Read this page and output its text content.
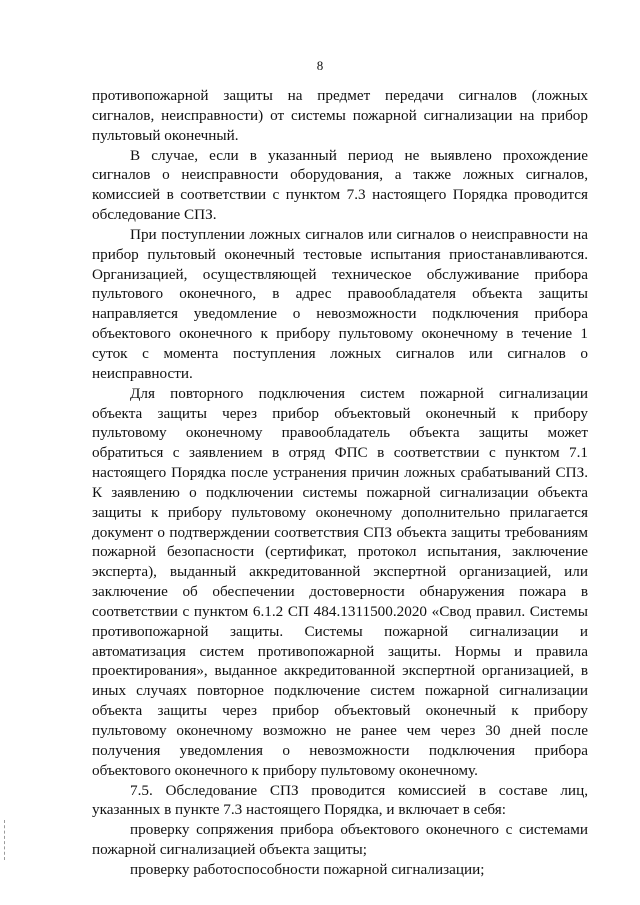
8
противопожарной защиты на предмет передачи сигналов (ложных
сигналов, неисправности) от системы пожарной сигнализации на прибор
пультовый оконечный.
В случае, если в указанный период не выявлено прохождение
сигналов о неисправности оборудования, а также ложных сигналов,
комиссией в соответствии с пунктом 7.3 настоящего Порядка проводится
обследование СПЗ.
При поступлении ложных сигналов или сигналов о неисправности на
прибор пультовый оконечный тестовые испытания приостанавливаются.
Организацией, осуществляющей техническое обслуживание прибора
пультового оконечного, в адрес правообладателя объекта защиты
направляется уведомление о невозможности подключения прибора
объектового оконечного к прибору пультовому оконечному в течение 1
суток с момента поступления ложных сигналов или сигналов о
неисправности.
Для повторного подключения систем пожарной сигнализации
объекта защиты через прибор объектовый оконечный к прибору
пультовому оконечному правообладатель объекта защиты может
обратиться с заявлением в отряд ФПС в соответствии с пунктом 7.1
настоящего Порядка после устранения причин ложных срабатываний СПЗ.
К заявлению о подключении системы пожарной сигнализации объекта
защиты к прибору пультовому оконечному дополнительно прилагается
документ о подтверждении соответствия СПЗ объекта защиты требованиям
пожарной безопасности (сертификат, протокол испытания, заключение
эксперта), выданный аккредитованной экспертной организацией, или
заключение об обеспечении достоверности обнаружения пожара в
соответствии с пунктом 6.1.2 СП 484.1311500.2020 «Свод правил. Системы
противопожарной защиты. Системы пожарной сигнализации и
автоматизация систем противопожарной защиты. Нормы и правила
проектирования», выданное аккредитованной экспертной организацией, в
иных случаях повторное подключение систем пожарной сигнализации
объекта защиты через прибор объектовый оконечный к прибору
пультовому оконечному возможно не ранее чем через 30 дней после
получения уведомления о невозможности подключения прибора
объектового оконечного к прибору пультовому оконечному.
7.5. Обследование СПЗ проводится комиссией в составе лиц,
указанных в пункте 7.3 настоящего Порядка, и включает в себя:
проверку сопряжения прибора объектового оконечного с системами
пожарной сигнализацией объекта защиты;
проверку работоспособности пожарной сигнализации;
